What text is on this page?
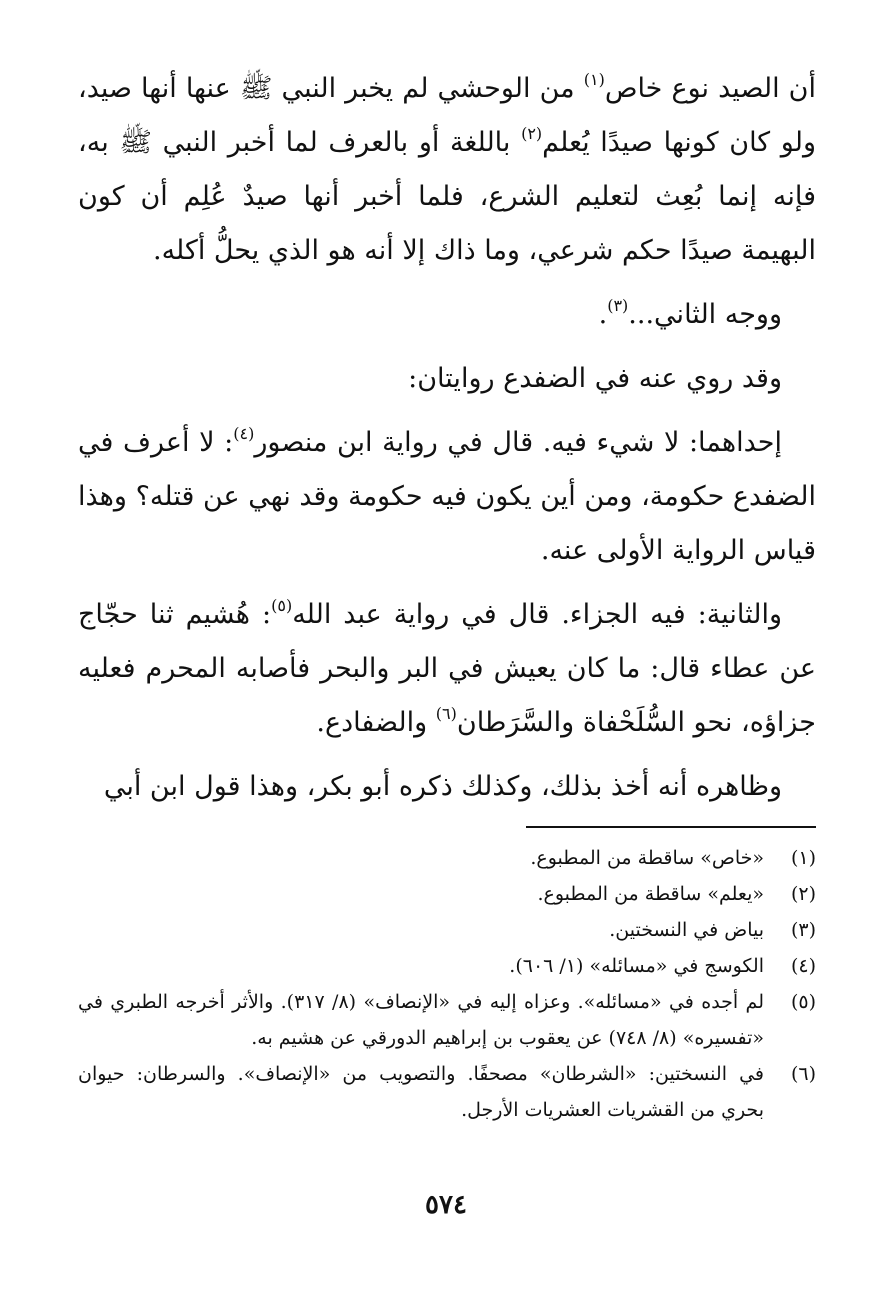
أن الصيد نوع خاص$^{(١)}$ من الوحشي لم يخبر النبي ﷺ عنها أنها صيد، ولو كان كونها صيدًا يُعلم$^{(٢)}$ باللغة أو بالعرف لما أخبر النبي ﷺ به، فإنه إنما بُعِث لتعليم الشرع، فلما أخبر أنها صيدٌ عُلِم أن كون البهيمة صيدًا حكم شرعي، وما ذاك إلا أنه هو الذي يحلُّ أكله.

ووجه الثاني...$^{(٣)}$.

وقد روي عنه في الضفدع روايتان:

إحداهما: لا شيء فيه. قال في رواية ابن منصور$^{(٤)}$: لا أعرف في الضفدع حكومة، ومن أين يكون فيه حكومة وقد نهي عن قتله؟ وهذا قياس الرواية الأولى عنه.

والثانية: فيه الجزاء. قال في رواية عبد الله$^{(٥)}$: هُشيم ثنا حجّاج عن عطاء قال: ما كان يعيش في البر والبحر فأصابه المحرم فعليه جزاؤه، نحو السُّلَحْفاة والسَّرَطان$^{(٦)}$ والضفادع.

وظاهره أنه أخذ بذلك، وكذلك ذكره أبو بكر، وهذا قول ابن أبي

(١)
«خاص» ساقطة من المطبوع.
(٢)
«يعلم» ساقطة من المطبوع.
(٣)
بياض في النسختين.
(٤)
الكوسج في «مسائله» (١/ ٦٠٦).
(٥)
لم أجده في «مسائله». وعزاه إليه في «الإنصاف» (٨/ ٣١٧). والأثر أخرجه الطبري في «تفسيره» (٨/ ٧٤٨) عن يعقوب بن إبراهيم الدورقي عن هشيم به.
(٦)
في النسختين: «الشرطان» مصحفًا. والتصويب من «الإنصاف». والسرطان: حيوان بحري من القشريات العشريات الأرجل.
٥٧٤
